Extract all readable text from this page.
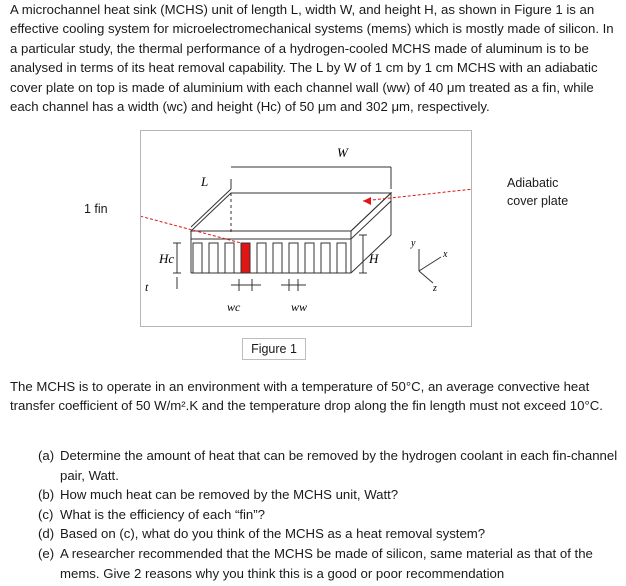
A microchannel heat sink (MCHS) unit of length L, width W, and height H, as shown in Figure 1 is an effective cooling system for microelectromechanical systems (mems) which is mostly made of silicon. In a particular study, the thermal performance of a hydrogen-cooled MCHS made of aluminum is to be analysed in terms of its heat removal capability. The L by W of 1 cm by 1 cm MCHS with an adiabatic cover plate on top is made of aluminium with each channel wall (ww) of 40 μm treated as a fin, while each channel has a width (wc) and height (Hc) of 50 μm and 302 μm, respectively.

W
L
Hc
t
H
wc	ww
y
x
z
1 fin
Adiabatic
cover plate
Figure 1

The MCHS is to operate in an environment with a temperature of 50°C, an average convective heat transfer coefficient of 50 W/m².K and the temperature drop along the fin length must not exceed 10°C.

(a) Determine the amount of heat that can be removed by the hydrogen coolant in each fin-channel pair, Watt.
(b) How much heat can be removed by the MCHS unit, Watt?
(c) What is the efficiency of each “fin”?
(d) Based on (c), what do you think of the MCHS as a heat removal system?
(e) A researcher recommended that the MCHS be made of silicon, same material as that of the mems. Give 2 reasons why you think this is a good or poor recommendation
